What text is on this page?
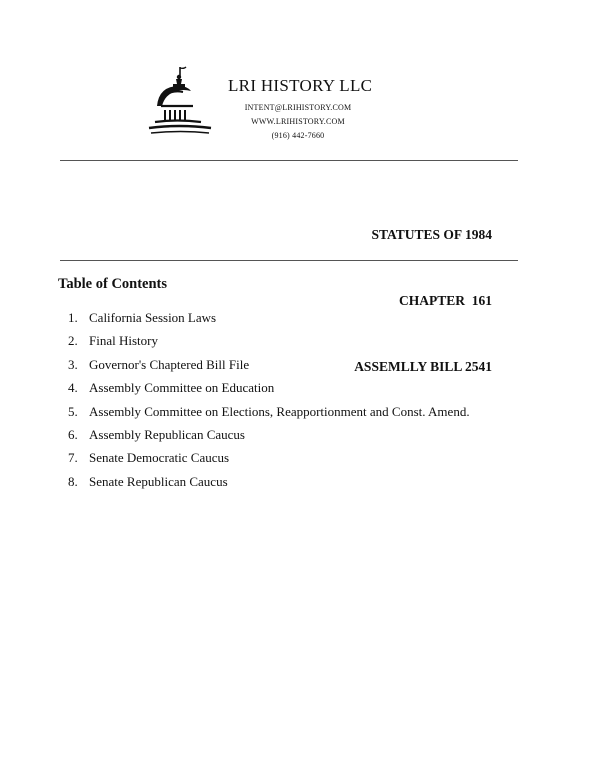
LRI HISTORY LLC
INTENT@LRIHISTORY.COM
WWW.LRIHISTORY.COM
(916) 442-7660

STATUTES OF 1984

CHAPTER  161

ASSEMLLY BILL 2541

Table of Contents
1. California Session Laws
2. Final History
3. Governor's Chaptered Bill File
4. Assembly Committee on Education
5. Assembly Committee on Elections, Reapportionment and Const. Amend.
6. Assembly Republican Caucus
7. Senate Democratic Caucus
8. Senate Republican Caucus
